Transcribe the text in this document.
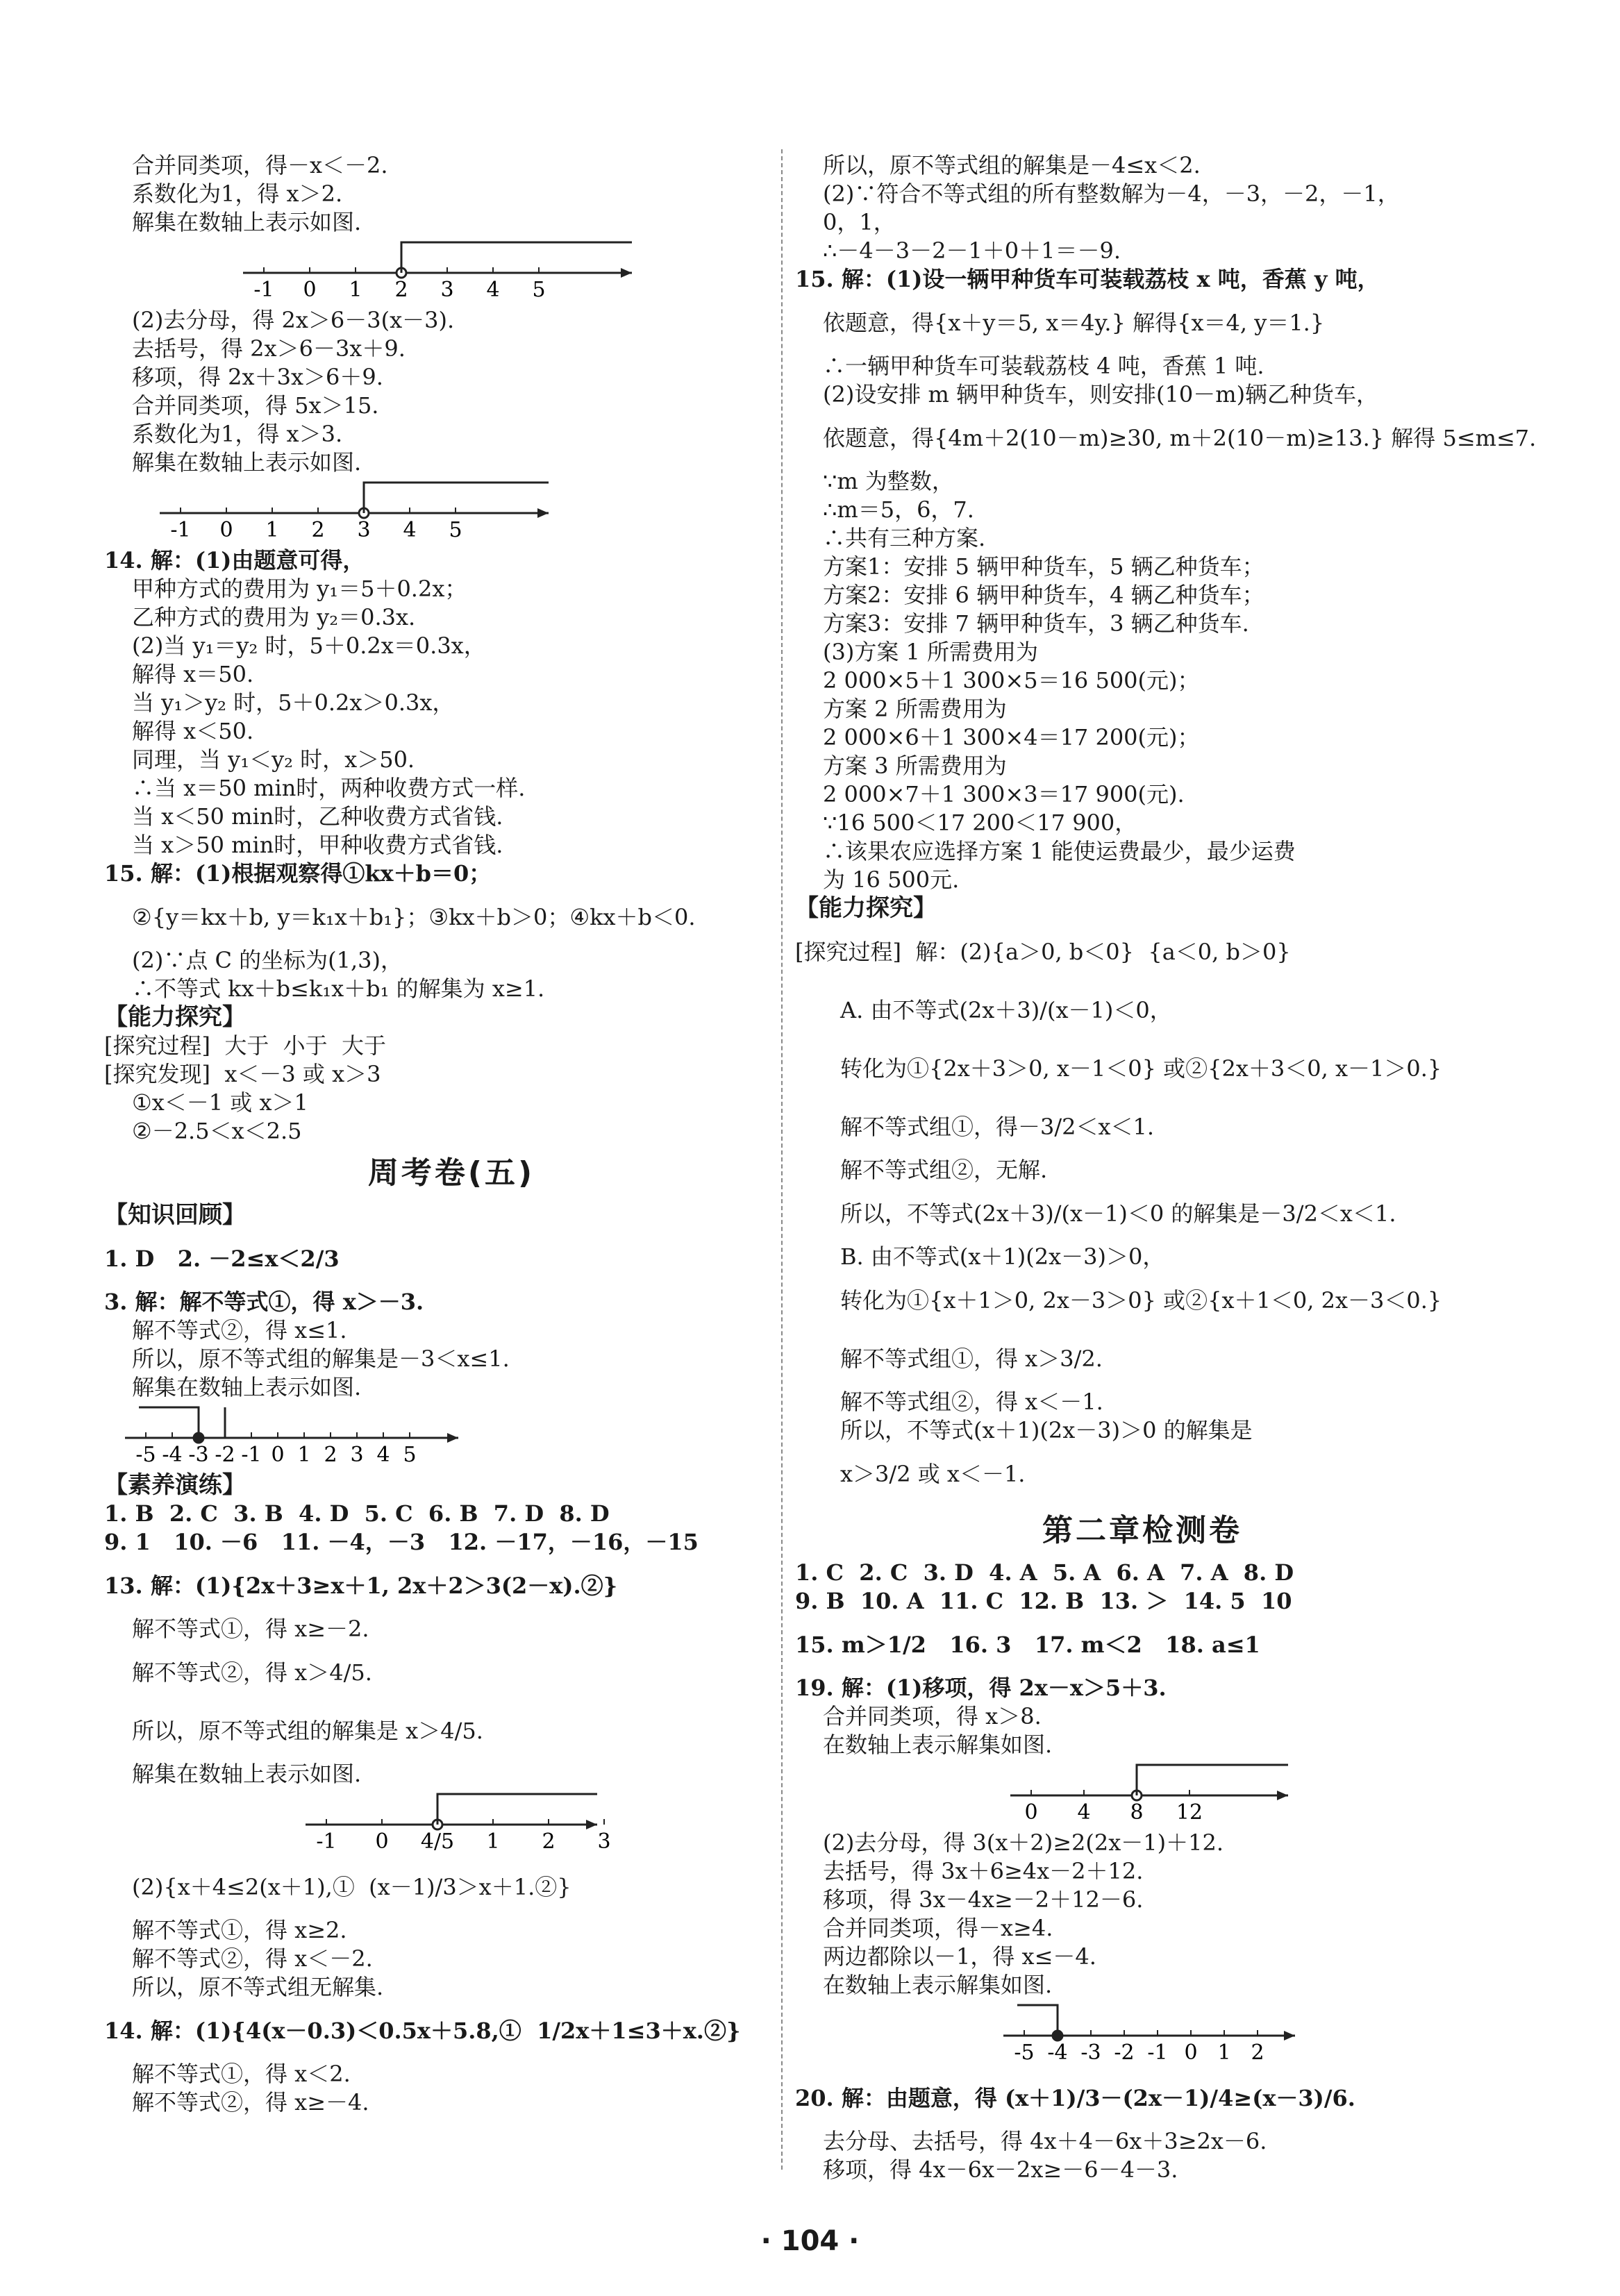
合并同类项，得－x＜－2.
系数化为1，得 x＞2.
解集在数轴上表示如图.
-1 0 1 2 3 4 5
(2)去分母，得 2x＞6－3(x－3).
去括号，得 2x＞6－3x＋9.
移项，得 2x＋3x＞6＋9.
合并同类项，得 5x＞15.
系数化为1，得 x＞3.
解集在数轴上表示如图.
-1 0 1 2 3 4 5
14. 解：(1)由题意可得，
甲种方式的费用为 y₁＝5＋0.2x；
乙种方式的费用为 y₂＝0.3x.
(2)当 y₁＝y₂ 时，5＋0.2x＝0.3x，
解得 x＝50.
当 y₁＞y₂ 时，5＋0.2x＞0.3x，
解得 x＜50.
同理，当 y₁＜y₂ 时，x＞50.
∴当 x＝50 min时，两种收费方式一样.
当 x＜50 min时，乙种收费方式省钱.
当 x＞50 min时，甲种收费方式省钱.
15. 解：(1)根据观察得①kx＋b＝0；
②{y＝kx＋b, y＝k₁x＋b₁}；③kx＋b＞0；④kx＋b＜0.
(2)∵点 C 的坐标为(1,3)，
∴不等式 kx＋b≤k₁x＋b₁ 的解集为 x≥1.
【能力探究】
[探究过程]  大于  小于  大于
[探究发现]  x＜－3 或 x＞3
①x＜－1 或 x＞1
②－2.5＜x＜2.5
周考卷(五)
【知识回顾】
1. D   2. －2≤x＜2/3
3. 解：解不等式①，得 x＞－3.
解不等式②，得 x≤1.
所以，原不等式组的解集是－3＜x≤1.
解集在数轴上表示如图.
-5 -4 -3 -2 -1 0 1 2 3 4 5
【素养演练】
1. B  2. C  3. B  4. D  5. C  6. B  7. D  8. D
9. 1   10. －6   11. －4，－3   12. －17，－16，－15
13. 解：(1){2x＋3≥x＋1, 2x＋2＞3(2－x).②}
解不等式①，得 x≥－2.
解不等式②，得 x＞4/5.
所以，原不等式组的解集是 x＞4/5.
解集在数轴上表示如图.
-1 0 4/5 1 2 3
(2){x＋4≤2(x＋1),①  (x－1)/3＞x＋1.②}
解不等式①，得 x≥2.
解不等式②，得 x＜－2.
所以，原不等式组无解集.
14. 解：(1){4(x－0.3)＜0.5x＋5.8,①  1/2x＋1≤3＋x.②}
解不等式①，得 x＜2.
解不等式②，得 x≥－4.
所以，原不等式组的解集是－4≤x＜2.
(2)∵符合不等式组的所有整数解为－4，－3，－2，－1，
0，1，
∴－4－3－2－1＋0＋1＝－9.
15. 解：(1)设一辆甲种货车可装载荔枝 x 吨，香蕉 y 吨，
依题意，得{x＋y＝5, x＝4y.} 解得{x＝4, y＝1.}
∴一辆甲种货车可装载荔枝 4 吨，香蕉 1 吨.
(2)设安排 m 辆甲种货车，则安排(10－m)辆乙种货车，
依题意，得{4m＋2(10－m)≥30, m＋2(10－m)≥13.} 解得 5≤m≤7.
∵m 为整数，
∴m＝5，6，7.
∴共有三种方案.
方案1：安排 5 辆甲种货车，5 辆乙种货车；
方案2：安排 6 辆甲种货车，4 辆乙种货车；
方案3：安排 7 辆甲种货车，3 辆乙种货车.
(3)方案 1 所需费用为
2 000×5＋1 300×5＝16 500(元)；
方案 2 所需费用为
2 000×6＋1 300×4＝17 200(元)；
方案 3 所需费用为
2 000×7＋1 300×3＝17 900(元).
∵16 500＜17 200＜17 900，
∴该果农应选择方案 1 能使运费最少，最少运费
为 16 500元.
【能力探究】
[探究过程]  解：(2){a＞0, b＜0}  {a＜0, b＞0}
A. 由不等式(2x＋3)/(x－1)＜0，
转化为①{2x＋3＞0, x－1＜0} 或②{2x＋3＜0, x－1＞0.}
解不等式组①，得－3/2＜x＜1.
解不等式组②，无解.
所以，不等式(2x＋3)/(x－1)＜0 的解集是－3/2＜x＜1.
B. 由不等式(x＋1)(2x－3)＞0，
转化为①{x＋1＞0, 2x－3＞0} 或②{x＋1＜0, 2x－3＜0.}
解不等式组①，得 x＞3/2.
解不等式组②，得 x＜－1.
所以，不等式(x＋1)(2x－3)＞0 的解集是
x＞3/2 或 x＜－1.
第二章检测卷
1. C  2. C  3. D  4. A  5. A  6. A  7. A  8. D
9. B  10. A  11. C  12. B  13. ＞  14. 5  10
15. m＞1/2   16. 3   17. m＜2   18. a≤1
19. 解：(1)移项，得 2x－x＞5＋3.
合并同类项，得 x＞8.
在数轴上表示解集如图.
0 4 8 12
(2)去分母，得 3(x＋2)≥2(2x－1)＋12.
去括号，得 3x＋6≥4x－2＋12.
移项，得 3x－4x≥－2＋12－6.
合并同类项，得－x≥4.
两边都除以－1，得 x≤－4.
在数轴上表示解集如图.
-5 -4 -3 -2 -1 0 1 2
20. 解：由题意，得 (x＋1)/3－(2x－1)/4≥(x－3)/6.
去分母、去括号，得 4x＋4－6x＋3≥2x－6.
移项，得 4x－6x－2x≥－6－4－3.
· 104 ·
